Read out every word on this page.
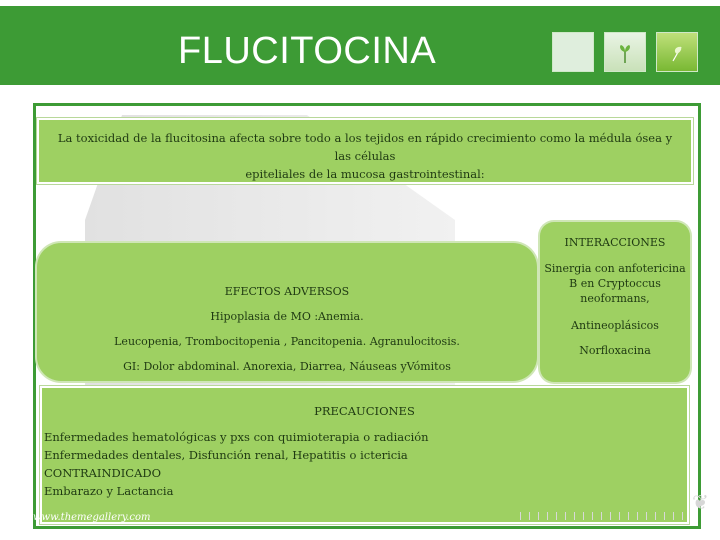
FLUCITOCINA
La toxicidad de la flucitosina afecta sobre todo a los tejidos en rápido crecimiento como la médula ósea y las células
epiteliales de la mucosa gastrointestinal:
EFECTOS ADVERSOS
Hipoplasia de MO :Anemia.
Leucopenia, Trombocitopenia , Pancitopenia. Agranulocitosis.
GI: Dolor abdominal. Anorexia, Diarrea, Náuseas yVómitos
INTERACCIONES
Sinergia con anfotericina
B en Cryptoccus
neoformans,
Antineoplásicos
Norfloxacina
PRECAUCIONES
Enfermedades hematológicas y pxs con quimioterapia o radiación
Enfermedades dentales, Disfunción renal, Hepatitis o ictericia
CONTRAINDICADO
Embarazo y Lactancia	❦
www.themegallery.com
